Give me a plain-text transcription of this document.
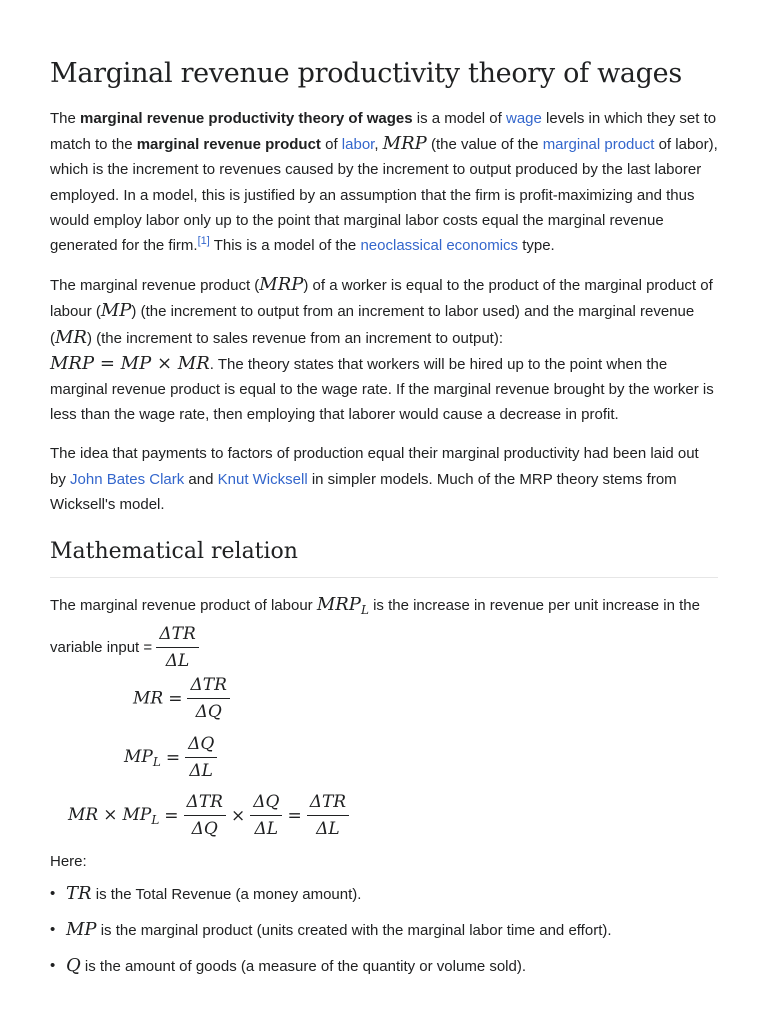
Marginal revenue productivity theory of wages

The marginal revenue productivity theory of wages is a model of wage levels in which they set to match to the marginal revenue product of labor, MRP (the value of the marginal product of labor), which is the increment to revenues caused by the increment to output produced by the last laborer employed. In a model, this is justified by an assumption that the firm is profit-maximizing and thus would employ labor only up to the point that marginal labor costs equal the marginal revenue generated for the firm.[1] This is a model of the neoclassical economics type.

The marginal revenue product (MRP) of a worker is equal to the product of the marginal product of labour (MP) (the increment to output from an increment to labor used) and the marginal revenue (MR) (the increment to sales revenue from an increment to output):
MRP = MP × MR. The theory states that workers will be hired up to the point when the marginal revenue product is equal to the wage rate. If the marginal revenue brought by the worker is less than the wage rate, then employing that laborer would cause a decrease in profit.

The idea that payments to factors of production equal their marginal productivity had been laid out by John Bates Clark and Knut Wicksell in simpler models. Much of the MRP theory stems from Wicksell's model.

Mathematical relation
The marginal revenue product of labour $MRP_L$ is the increase in revenue per unit increase in the
variable input = $\frac{\text{ΔTR}}{\Delta L}$
MR = $\frac{\text{ΔTR}}{\Delta Q}$
$MP_L = \frac{\Delta Q}{\Delta L}$
MR × $MP_L = \frac{\text{ΔTR}}{\Delta Q} \times \frac{\Delta Q}{\Delta L} = \frac{\text{ΔTR}}{\Delta L}$
Here:
• TR is the Total Revenue (a money amount).
• MP is the marginal product (units created with the marginal labor time and effort).
• Q is the amount of goods (a measure of the quantity or volume sold).
